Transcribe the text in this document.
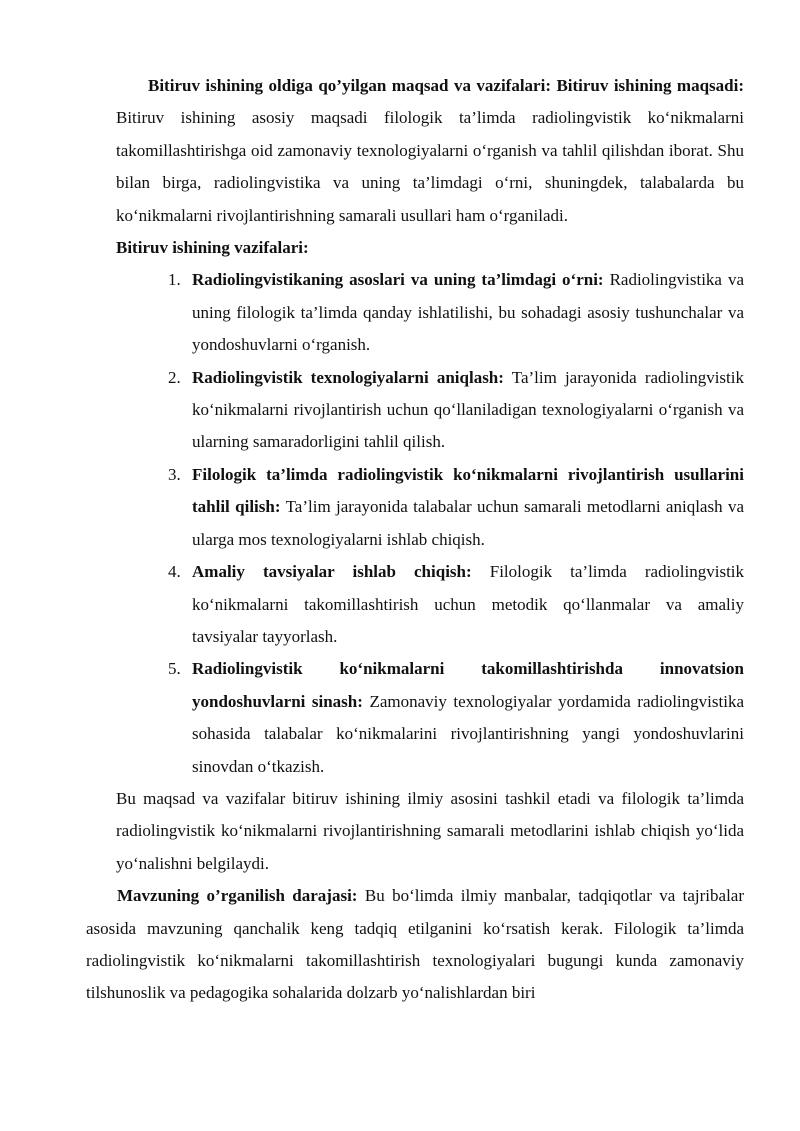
Bitiruv ishining oldiga qo’yilgan maqsad va vazifalari: Bitiruv ishining maqsadi: Bitiruv ishining asosiy maqsadi filologik ta’limda radiolingvistik ko‘nikmalarni takomillashtirishga oid zamonaviy texnologiyalarni o‘rganish va tahlil qilishdan iborat. Shu bilan birga, radiolingvistika va uning ta’limdagi o‘rni, shuningdek, talabalarda bu ko‘nikmalarni rivojlantirishning samarali usullari ham o‘rganiladi.

Bitiruv ishining vazifalari:

1. Radiolingvistikaning asoslari va uning ta’limdagi o‘rni: Radiolingvistika va uning filologik ta’limda qanday ishlatilishi, bu sohadagi asosiy tushunchalar va yondoshuvlarni o‘rganish.
2. Radiolingvistik texnologiyalarni aniqlash: Ta’lim jarayonida radiolingvistik ko‘nikmalarni rivojlantirish uchun qo‘llaniladigan texnologiyalarni o‘rganish va ularning samaradorligini tahlil qilish.
3. Filologik ta’limda radiolingvistik ko‘nikmalarni rivojlantirish usullarini tahlil qilish: Ta’lim jarayonida talabalar uchun samarali metodlarni aniqlash va ularga mos texnologiyalarni ishlab chiqish.
4. Amaliy tavsiyalar ishlab chiqish: Filologik ta’limda radiolingvistik ko‘nikmalarni takomillashtirish uchun metodik qo‘llanmalar va amaliy tavsiyalar tayyorlash.
5. Radiolingvistik ko‘nikmalarni takomillashtirishda innovatsion yondoshuvlarni sinash: Zamonaviy texnologiyalar yordamida radiolingvistika sohasida talabalar ko‘nikmalarini rivojlantirishning yangi yondoshuvlarini sinovdan o‘tkazish.

Bu maqsad va vazifalar bitiruv ishining ilmiy asosini tashkil etadi va filologik ta’limda radiolingvistik ko‘nikmalarni rivojlantirishning samarali metodlarini ishlab chiqish yo‘lida yo‘nalishni belgilaydi.

Mavzuning o’rganilish darajasi: Bu bo‘limda ilmiy manbalar, tadqiqotlar va tajribalar asosida mavzuning qanchalik keng tadqiq etilganini ko‘rsatish kerak. Filologik ta’limda radiolingvistik ko‘nikmalarni takomillashtirish texnologiyalari bugungi kunda zamonaviy tilshunoslik va pedagogika sohalarida dolzarb yo‘nalishlardan biri
